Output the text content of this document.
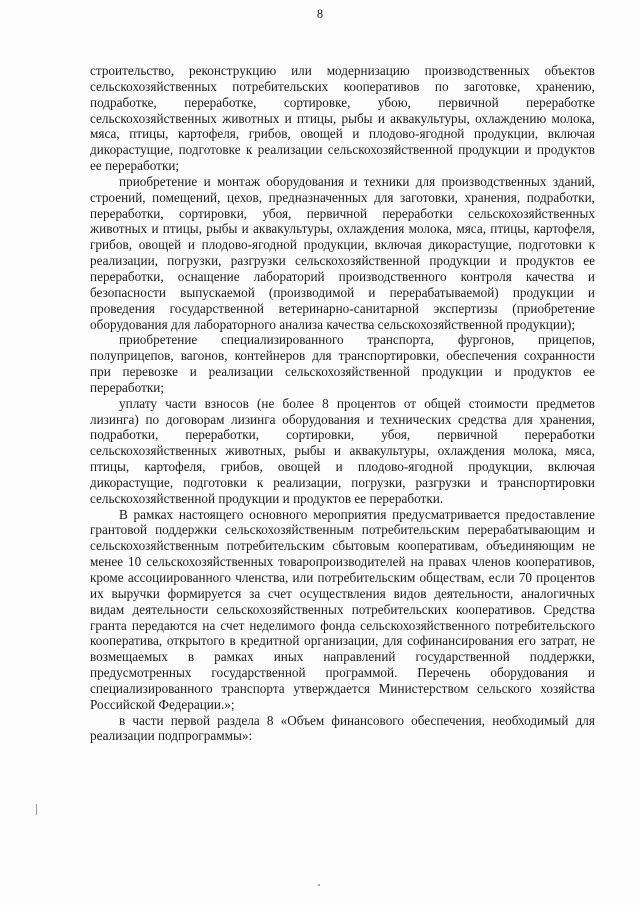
8

строительство, реконструкцию или модернизацию производственных объектов сельскохозяйственных потребительских кооперативов по заготовке, хранению, подработке, переработке, сортировке, убою, первичной переработке сельскохозяйственных животных и птицы, рыбы и аквакультуры, охлаждению молока, мяса, птицы, картофеля, грибов, овощей и плодово-ягодной продукции, включая дикорастущие, подготовке к реализации сельскохозяйственной продукции и продуктов ее переработки;

приобретение и монтаж оборудования и техники для производственных зданий, строений, помещений, цехов, предназначенных для заготовки, хранения, подработки, переработки, сортировки, убоя, первичной переработки сельскохозяйственных животных и птицы, рыбы и аквакультуры, охлаждения молока, мяса, птицы, картофеля, грибов, овощей и плодово-ягодной продукции, включая дикорастущие, подготовки к реализации, погрузки, разгрузки сельскохозяйственной продукции и продуктов ее переработки, оснащение лабораторий производственного контроля качества и безопасности выпускаемой (производимой и перерабатываемой) продукции и проведения государственной ветеринарно-санитарной экспертизы (приобретение оборудования для лабораторного анализа качества сельскохозяйственной продукции);

приобретение специализированного транспорта, фургонов, прицепов, полуприцепов, вагонов, контейнеров для транспортировки, обеспечения сохранности при перевозке и реализации сельскохозяйственной продукции и продуктов ее переработки;

уплату части взносов (не более 8 процентов от общей стоимости предметов лизинга) по договорам лизинга оборудования и технических средства для хранения, подработки, переработки, сортировки, убоя, первичной переработки сельскохозяйственных животных, рыбы и аквакультуры, охлаждения молока, мяса, птицы, картофеля, грибов, овощей и плодово-ягодной продукции, включая дикорастущие, подготовки к реализации, погрузки, разгрузки и транспортировки сельскохозяйственной продукции и продуктов ее переработки.

В рамках настоящего основного мероприятия предусматривается предоставление грантовой поддержки сельскохозяйственным потребительским перерабатывающим и сельскохозяйственным потребительским сбытовым кооперативам, объединяющим не менее 10 сельскохозяйственных товаропроизводителей на правах членов кооперативов, кроме ассоциированного членства, или потребительским обществам, если 70 процентов их выручки формируется за счет осуществления видов деятельности, аналогичных видам деятельности сельскохозяйственных потребительских кооперативов. Средства гранта передаются на счет неделимого фонда сельскохозяйственного потребительского кооператива, открытого в кредитной организации, для софинансирования его затрат, не возмещаемых в рамках иных направлений государственной поддержки, предусмотренных государственной программой. Перечень оборудования и специализированного транспорта утверждается Министерством сельского хозяйства Российской Федерации.»;

в части первой раздела 8 «Объем финансового обеспечения, необходимый для реализации подпрограммы»:
